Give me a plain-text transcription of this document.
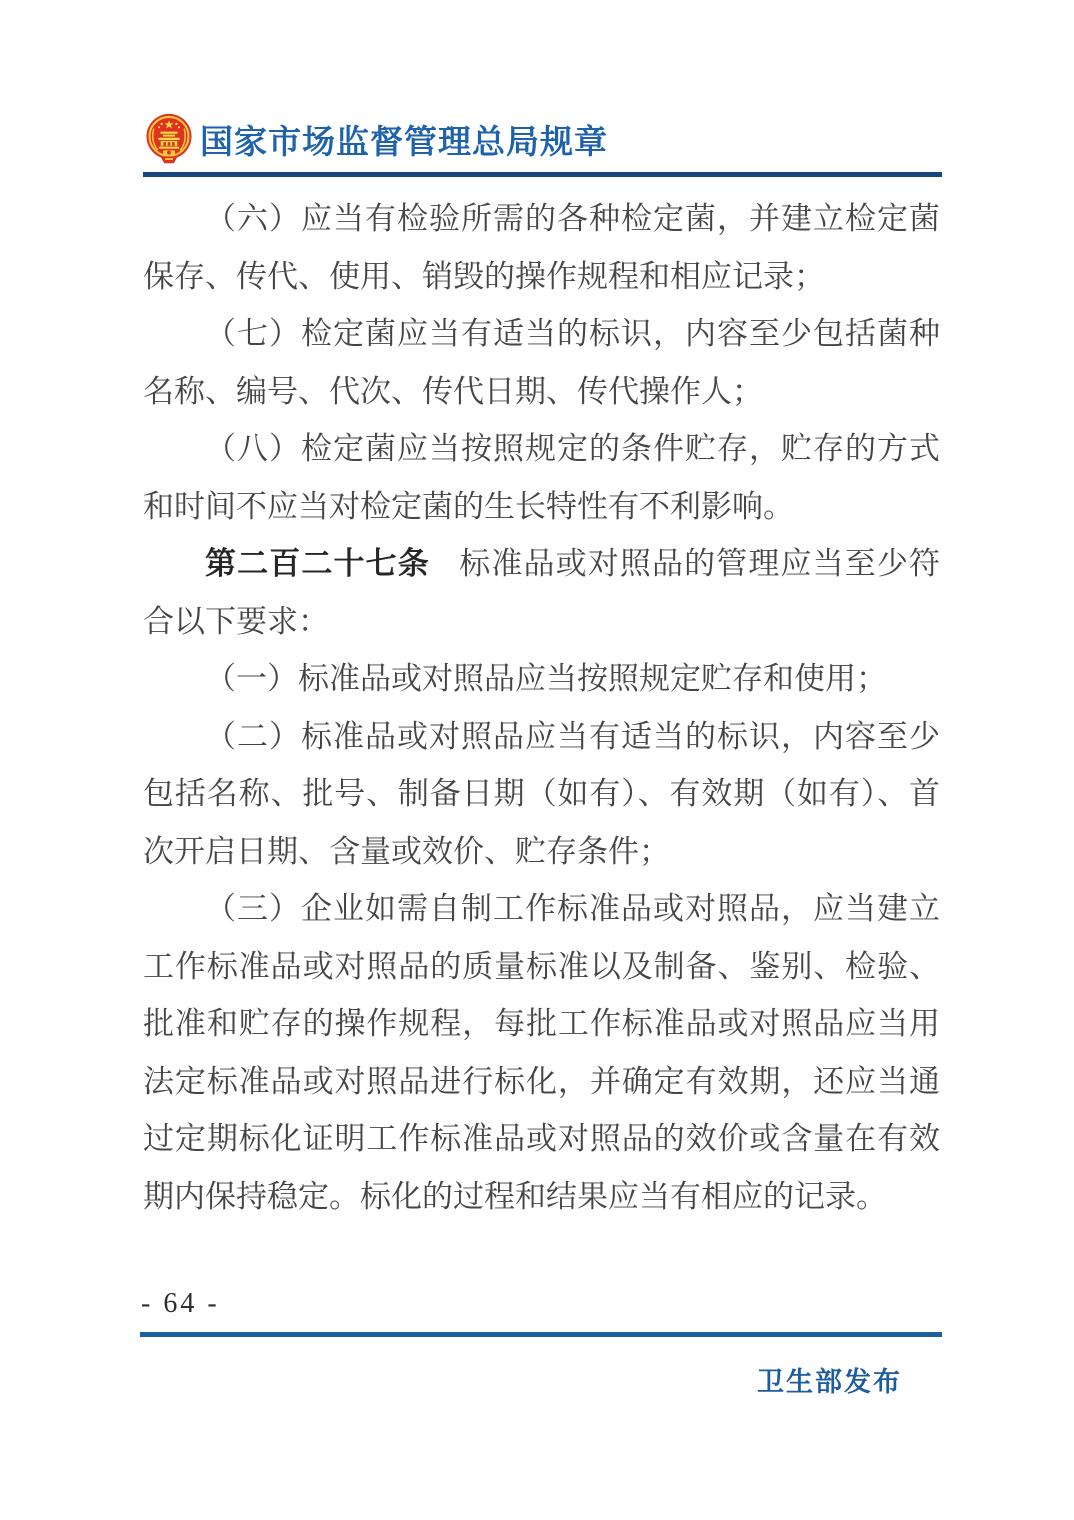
国家市场监督管理总局规章

（六）应当有检验所需的各种检定菌，并建立检定菌保存、传代、使用、销毁的操作规程和相应记录；

（七）检定菌应当有适当的标识，内容至少包括菌种名称、编号、代次、传代日期、传代操作人；

（八）检定菌应当按照规定的条件贮存，贮存的方式和时间不应当对检定菌的生长特性有不利影响。

第二百二十七条 标准品或对照品的管理应当至少符合以下要求：

（一）标准品或对照品应当按照规定贮存和使用；

（二）标准品或对照品应当有适当的标识，内容至少包括名称、批号、制备日期（如有）、有效期（如有）、首次开启日期、含量或效价、贮存条件；

（三）企业如需自制工作标准品或对照品，应当建立工作标准品或对照品的质量标准以及制备、鉴别、检验、批准和贮存的操作规程，每批工作标准品或对照品应当用法定标准品或对照品进行标化，并确定有效期，还应当通过定期标化证明工作标准品或对照品的效价或含量在有效期内保持稳定。标化的过程和结果应当有相应的记录。

- 64 -
卫生部发布
